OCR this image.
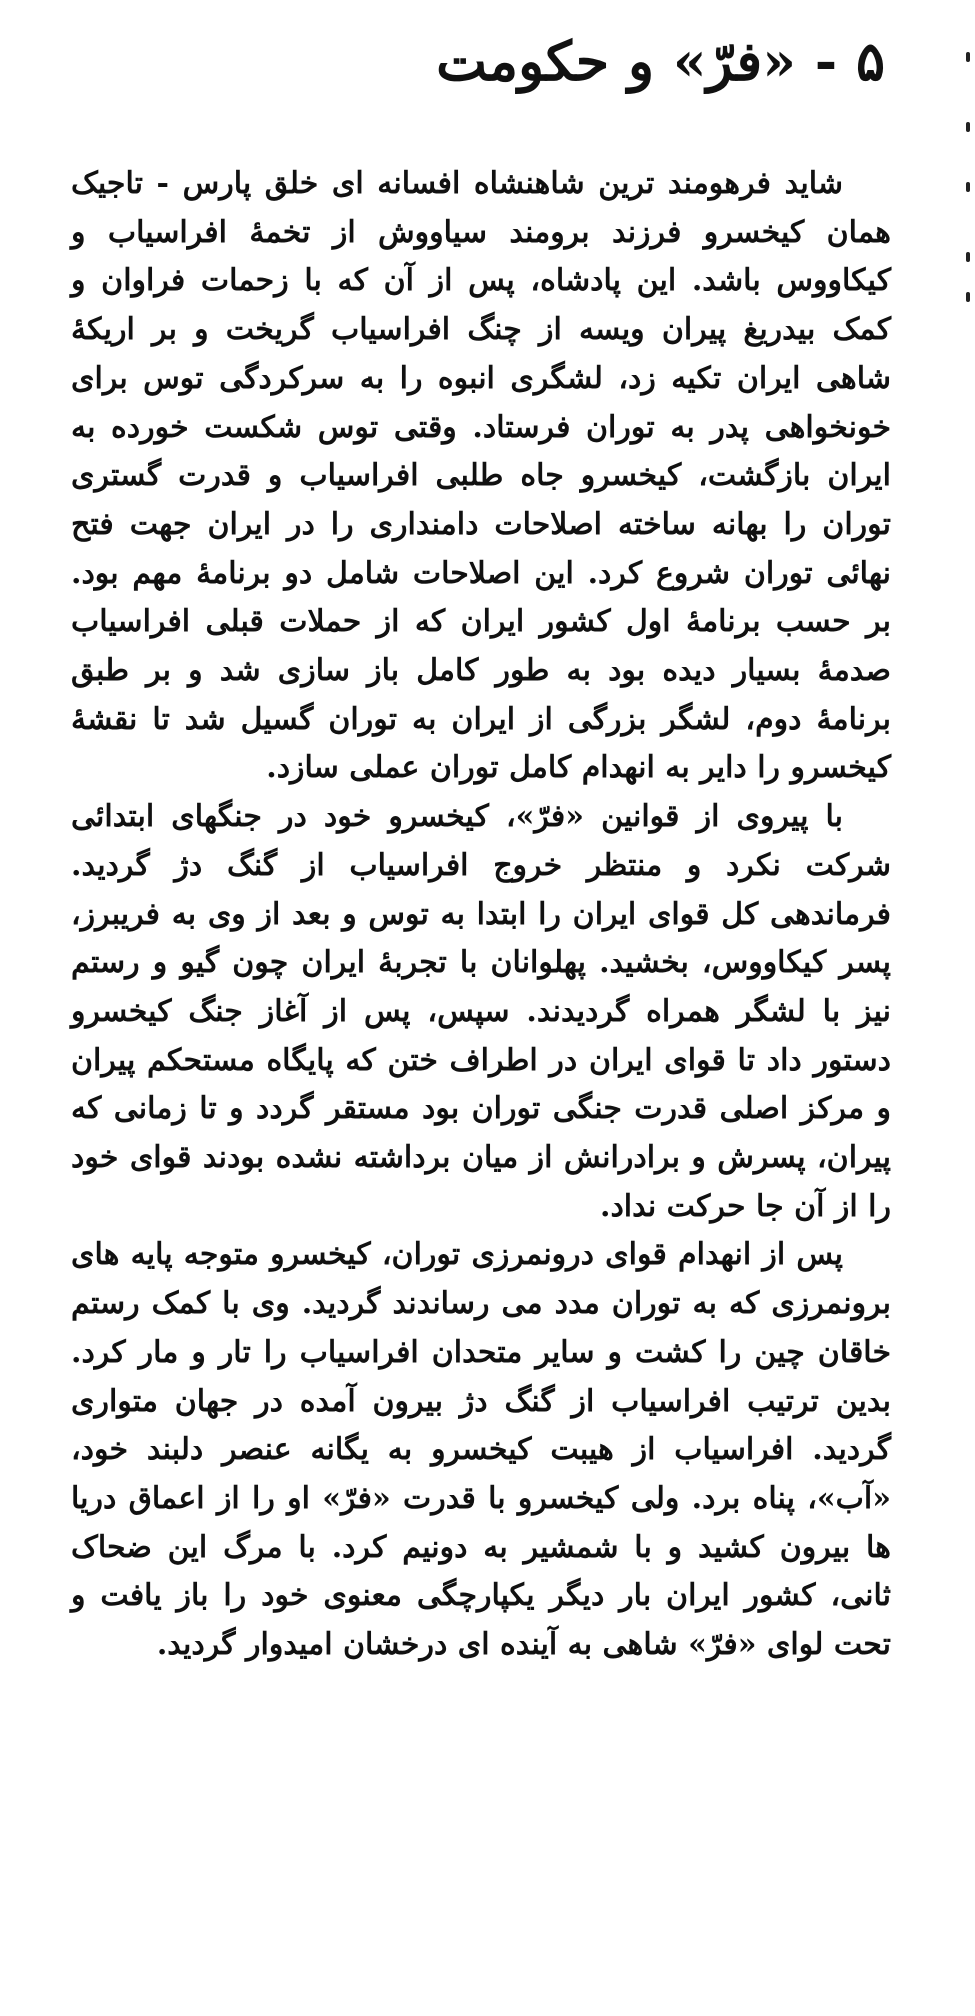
۵ - «فرّ» و حکومت

شاید فرهومند ترین شاهنشاه افسانه ای خلق پارس - تاجیک همان کیخسرو فرزند برومند سیاووش از تخمهٔ افراسیاب و کیکاووس باشد. این پادشاه، پس از آن که با زحمات فراوان و کمک بیدریغ پیران ویسه از چنگ افراسیاب گریخت و بر اریکهٔ شاهی ایران تکیه زد، لشگری انبوه را به سرکردگی توس برای خونخواهی پدر به توران فرستاد. وقتی توس شکست خورده به ایران بازگشت، کیخسرو جاه طلبی افراسیاب و قدرت گستری توران را بهانه ساخته اصلاحات دامنداری را در ایران جهت فتح نهائی توران شروع کرد. این اصلاحات شامل دو برنامهٔ مهم بود. بر حسب برنامهٔ اول کشور ایران که از حملات قبلی افراسیاب صدمهٔ بسیار دیده بود به طور کامل باز سازی شد و بر طبق برنامهٔ دوم، لشگر بزرگی از ایران به توران گسیل شد تا نقشهٔ کیخسرو را دایر به انهدام کامل توران عملی سازد.

با پیروی از قوانین «فرّ»، کیخسرو خود در جنگهای ابتدائی شرکت نکرد و منتظر خروج افراسیاب از گنگ دژ گردید. فرماندهی کل قوای ایران را ابتدا به توس و بعد از وی به فریبرز، پسر کیکاووس، بخشید. پهلوانان با تجربهٔ ایران چون گیو و رستم نیز با لشگر همراه گردیدند. سپس، پس از آغاز جنگ کیخسرو دستور داد تا قوای ایران در اطراف ختن که پایگاه مستحکم پیران و مرکز اصلی قدرت جنگی توران بود مستقر گردد و تا زمانی که پیران، پسرش و برادرانش از میان برداشته نشده بودند قوای خود را از آن جا حرکت نداد.

پس از انهدام قوای درونمرزی توران، کیخسرو متوجه پایه های برونمرزی که به توران مدد می رساندند گردید. وی با کمک رستم خاقان چین را کشت و سایر متحدان افراسیاب را تار و مار کرد. بدین ترتیب افراسیاب از گنگ دژ بیرون آمده در جهان متواری گردید. افراسیاب از هیبت کیخسرو به یگانه عنصر دلبند خود، «آب»، پناه برد. ولی کیخسرو با قدرت «فرّ» او را از اعماق دریا ها بیرون کشید و با شمشیر به دونیم کرد. با مرگ این ضحاک ثانی، کشور ایران بار دیگر یکپارچگی معنوی خود را باز یافت و تحت لوای «فرّ» شاهی به آینده ای درخشان امیدوار گردید.
